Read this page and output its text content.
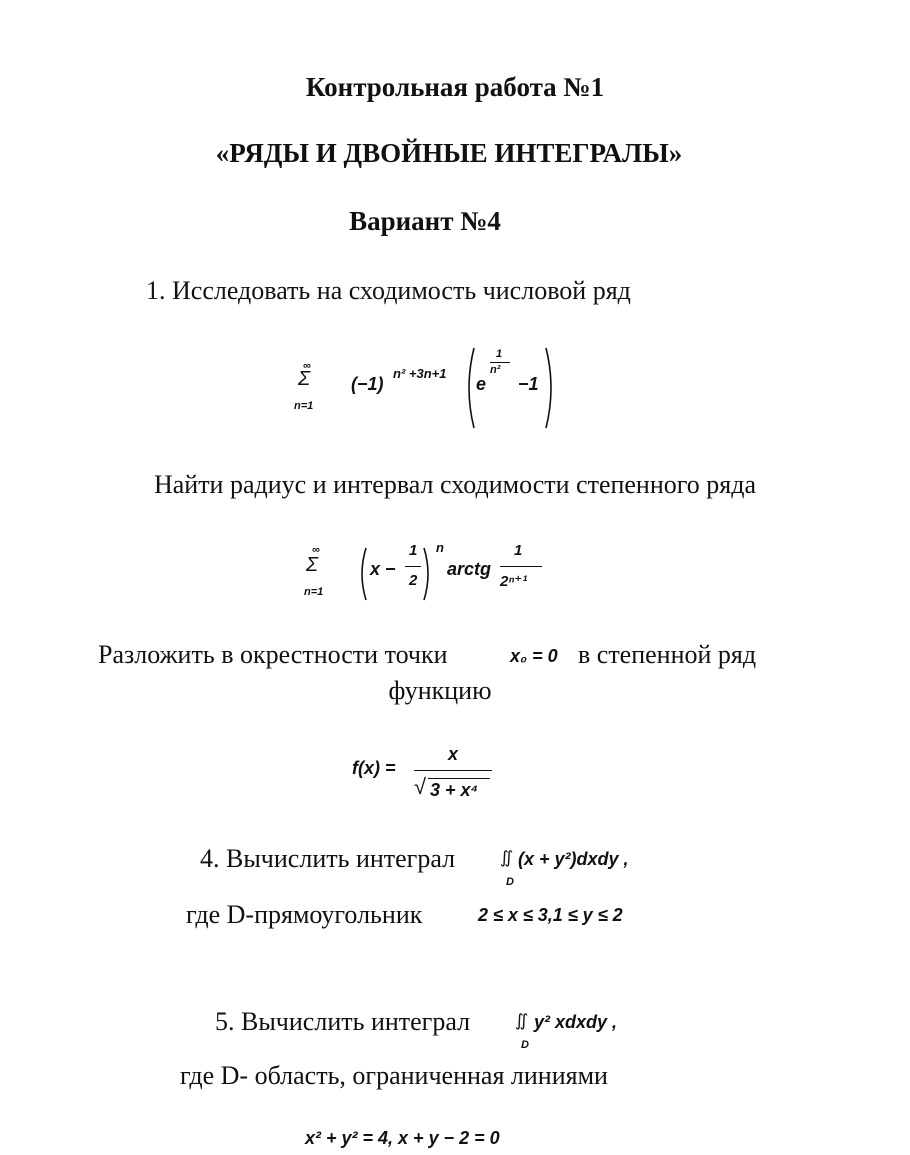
Контрольная работа №1
«РЯДЫ И ДВОЙНЫЕ ИНТЕГРАЛЫ»
Вариант №4
1. Исследовать на сходимость числовой ряд
∞
Σ
n=1
(−1)
n² +3n+1
e
1
n²
−1
Найти радиус и интервал сходимости степенного ряда
∞
Σ
n=1
x −
1
2
n
arctg
1
2ⁿ⁺¹
Разложить в окрестности точки	x₀ = 0 в степенной ряд
функцию
f(x) =
x
√ 3 + x⁴
4. Вычислить интеграл	∬
D
(x + y²)dxdy ,
где D-прямоугольник	2 ≤ x ≤ 3,1 ≤ y ≤ 2
5. Вычислить интеграл	∬
D
y² xdxdy ,
где D- область, ограниченная линиями
x² + y² = 4, x + y − 2 = 0
